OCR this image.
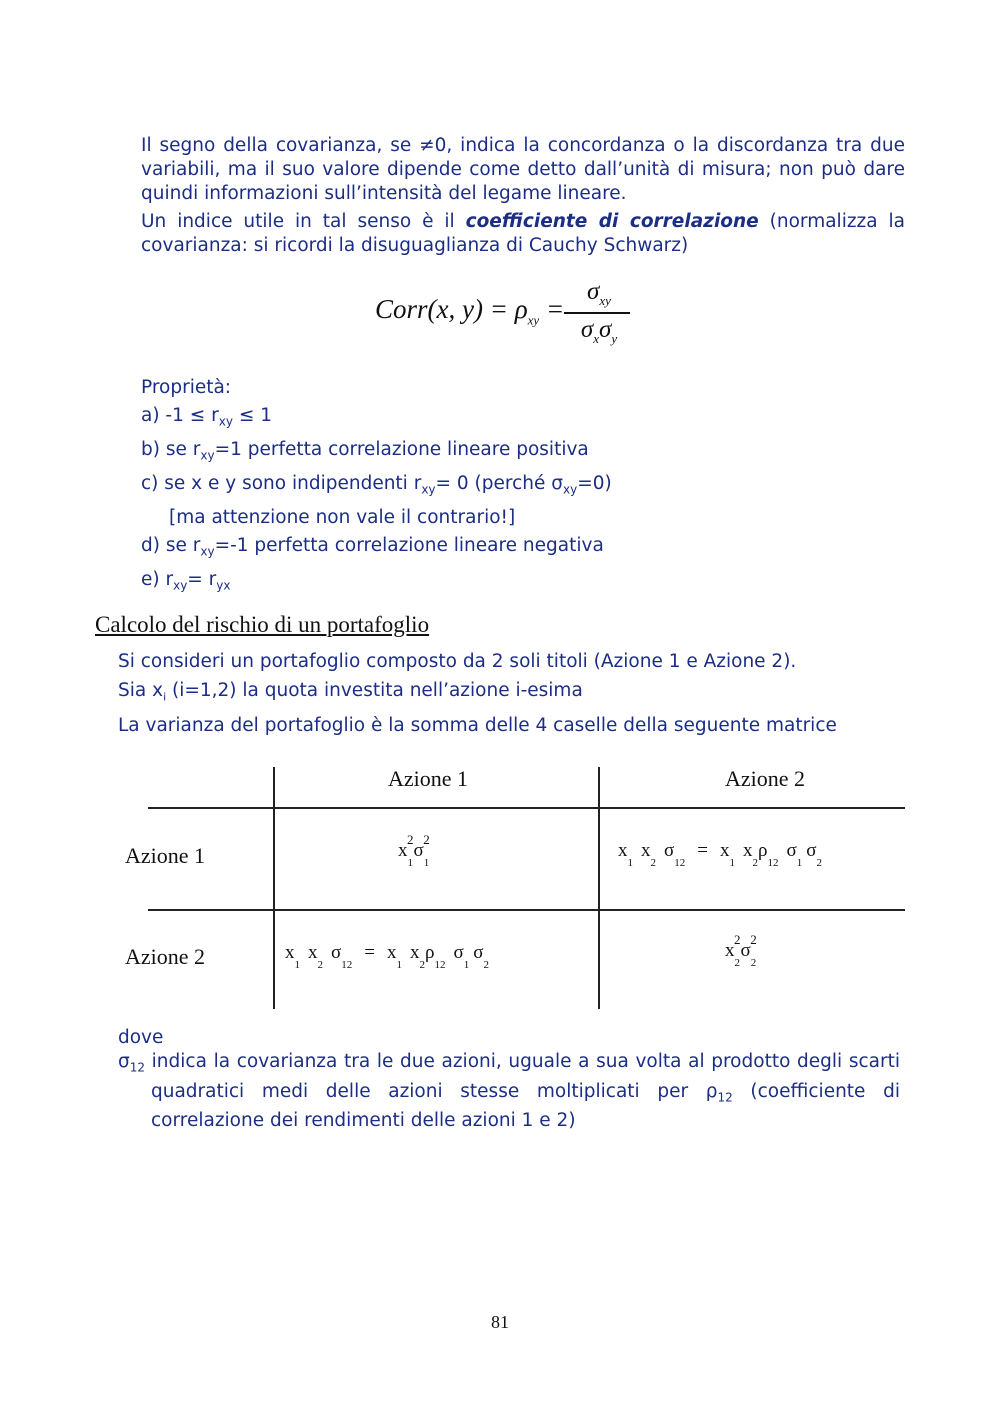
Il segno della covarianza, se ≠0, indica la concordanza o la discordanza tra due variabili, ma il suo valore dipende come detto dall’unità di misura; non può dare quindi informazioni sull’intensità del legame lineare.

Un indice utile in tal senso è il coefficiente di correlazione (normalizza la covarianza: si ricordi la disuguaglianza di Cauchy Schwarz)

Corr(x, $y) = \rho_{xy}$ =
$\sigma_{xy}$
$\sigma_x\sigma_y$
Proprietà:
a) $-1 \le r_{xy} \le 1$
b) se $r_{xy}=1$ perfetta correlazione lineare positiva
c) se x e y sono indipendenti $r_{xy}= 0$ (perché $\sigma_{xy}=0$)
[ma attenzione non vale il contrario!]
d) se $r_{xy}=-1$ perfetta correlazione lineare negativa
e) $r_{xy}= r_{yx}$
Calcolo del rischio di un portafoglio
Si consideri un portafoglio composto da 2 soli titoli (Azione 1 e Azione 2).
Sia $x_i$ (i=1,2) la quota investita nell’azione i-esima
La varianza del portafoglio è la somma delle 4 caselle della seguente matrice
Azione 1	Azione 2
Azione 1
Azione 2
$x_1^2\sigma_1^2$
$x_1$  $x_2$  $\sigma_{12} = x_1$  $x_2\rho_{12}$  $\sigma_1$ $\sigma_2$
$x_1$  $x_2$  $\sigma_{12} = x_1$  $x_2\rho_{12}$  $\sigma_1$ $\sigma_2$
$x_2^2\sigma_2^2$
dove
$\sigma_{12}$ indica la covarianza tra le due azioni, uguale a sua volta al prodotto degli scarti quadratici medi delle azioni stesse moltiplicati per $\rho_{12}$ (coefficiente di correlazione dei rendimenti delle azioni 1 e 2)
81
